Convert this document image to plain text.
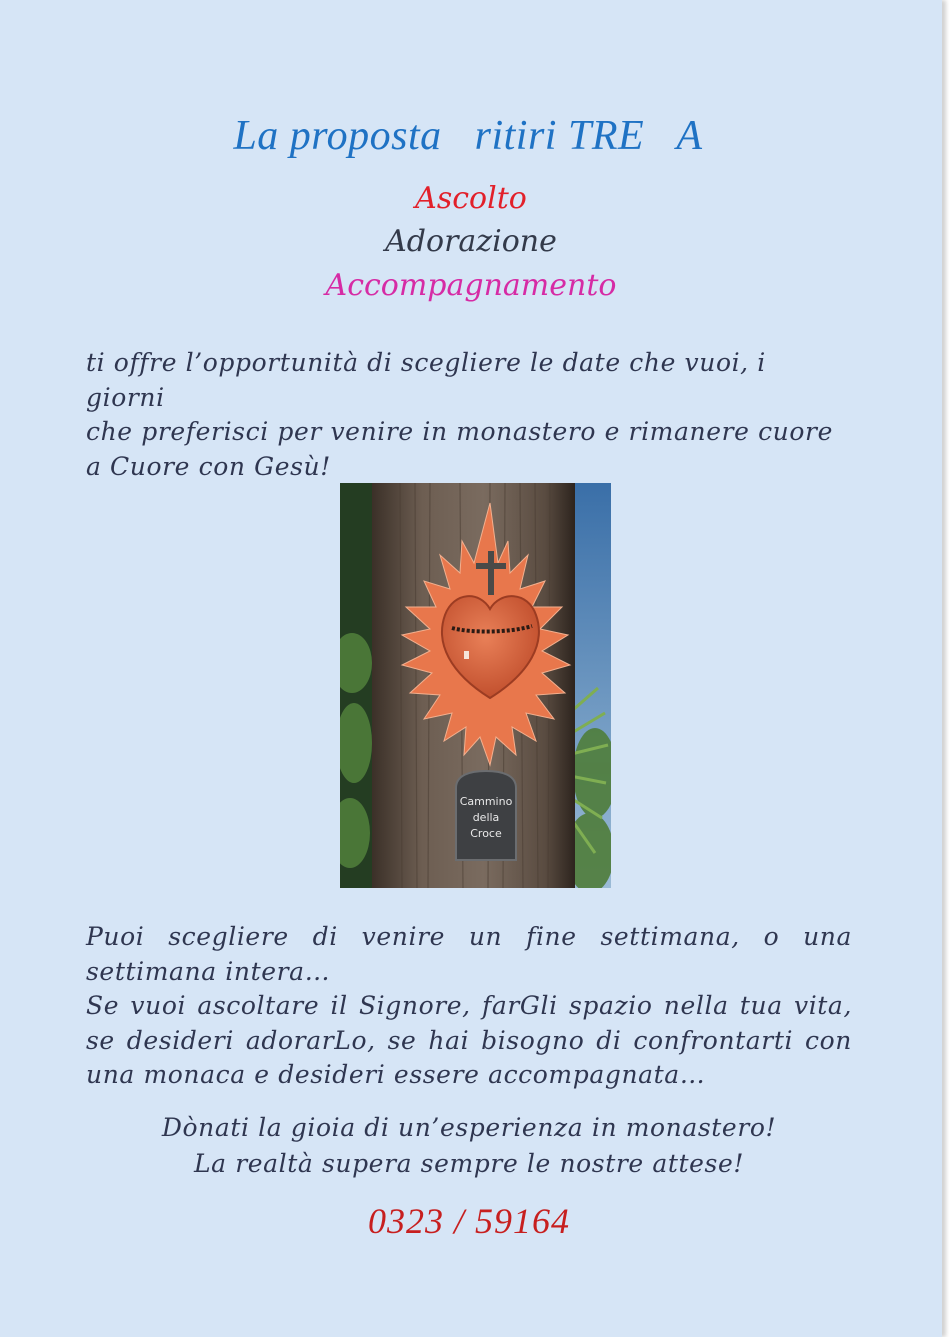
La proposta   ritiri TRE   A
Ascolto
Adorazione
Accompagnamento

ti offre l’opportunità di scegliere le date che vuoi, i giorni

che preferisci per venire in monastero e rimanere cuore

a Cuore con Gesù!

Cammino
della
Croce

Puoi scegliere di venire un fine settimana, o una

settimana intera…

Se vuoi ascoltare il Signore, farGli spazio nella tua vita,

se desideri adorarLo, se hai bisogno di confrontarti con

una monaca e desideri essere accompagnata…

Dònati la gioia di un’esperienza in monastero!

La realtà supera sempre le nostre attese!

0323 / 59164
